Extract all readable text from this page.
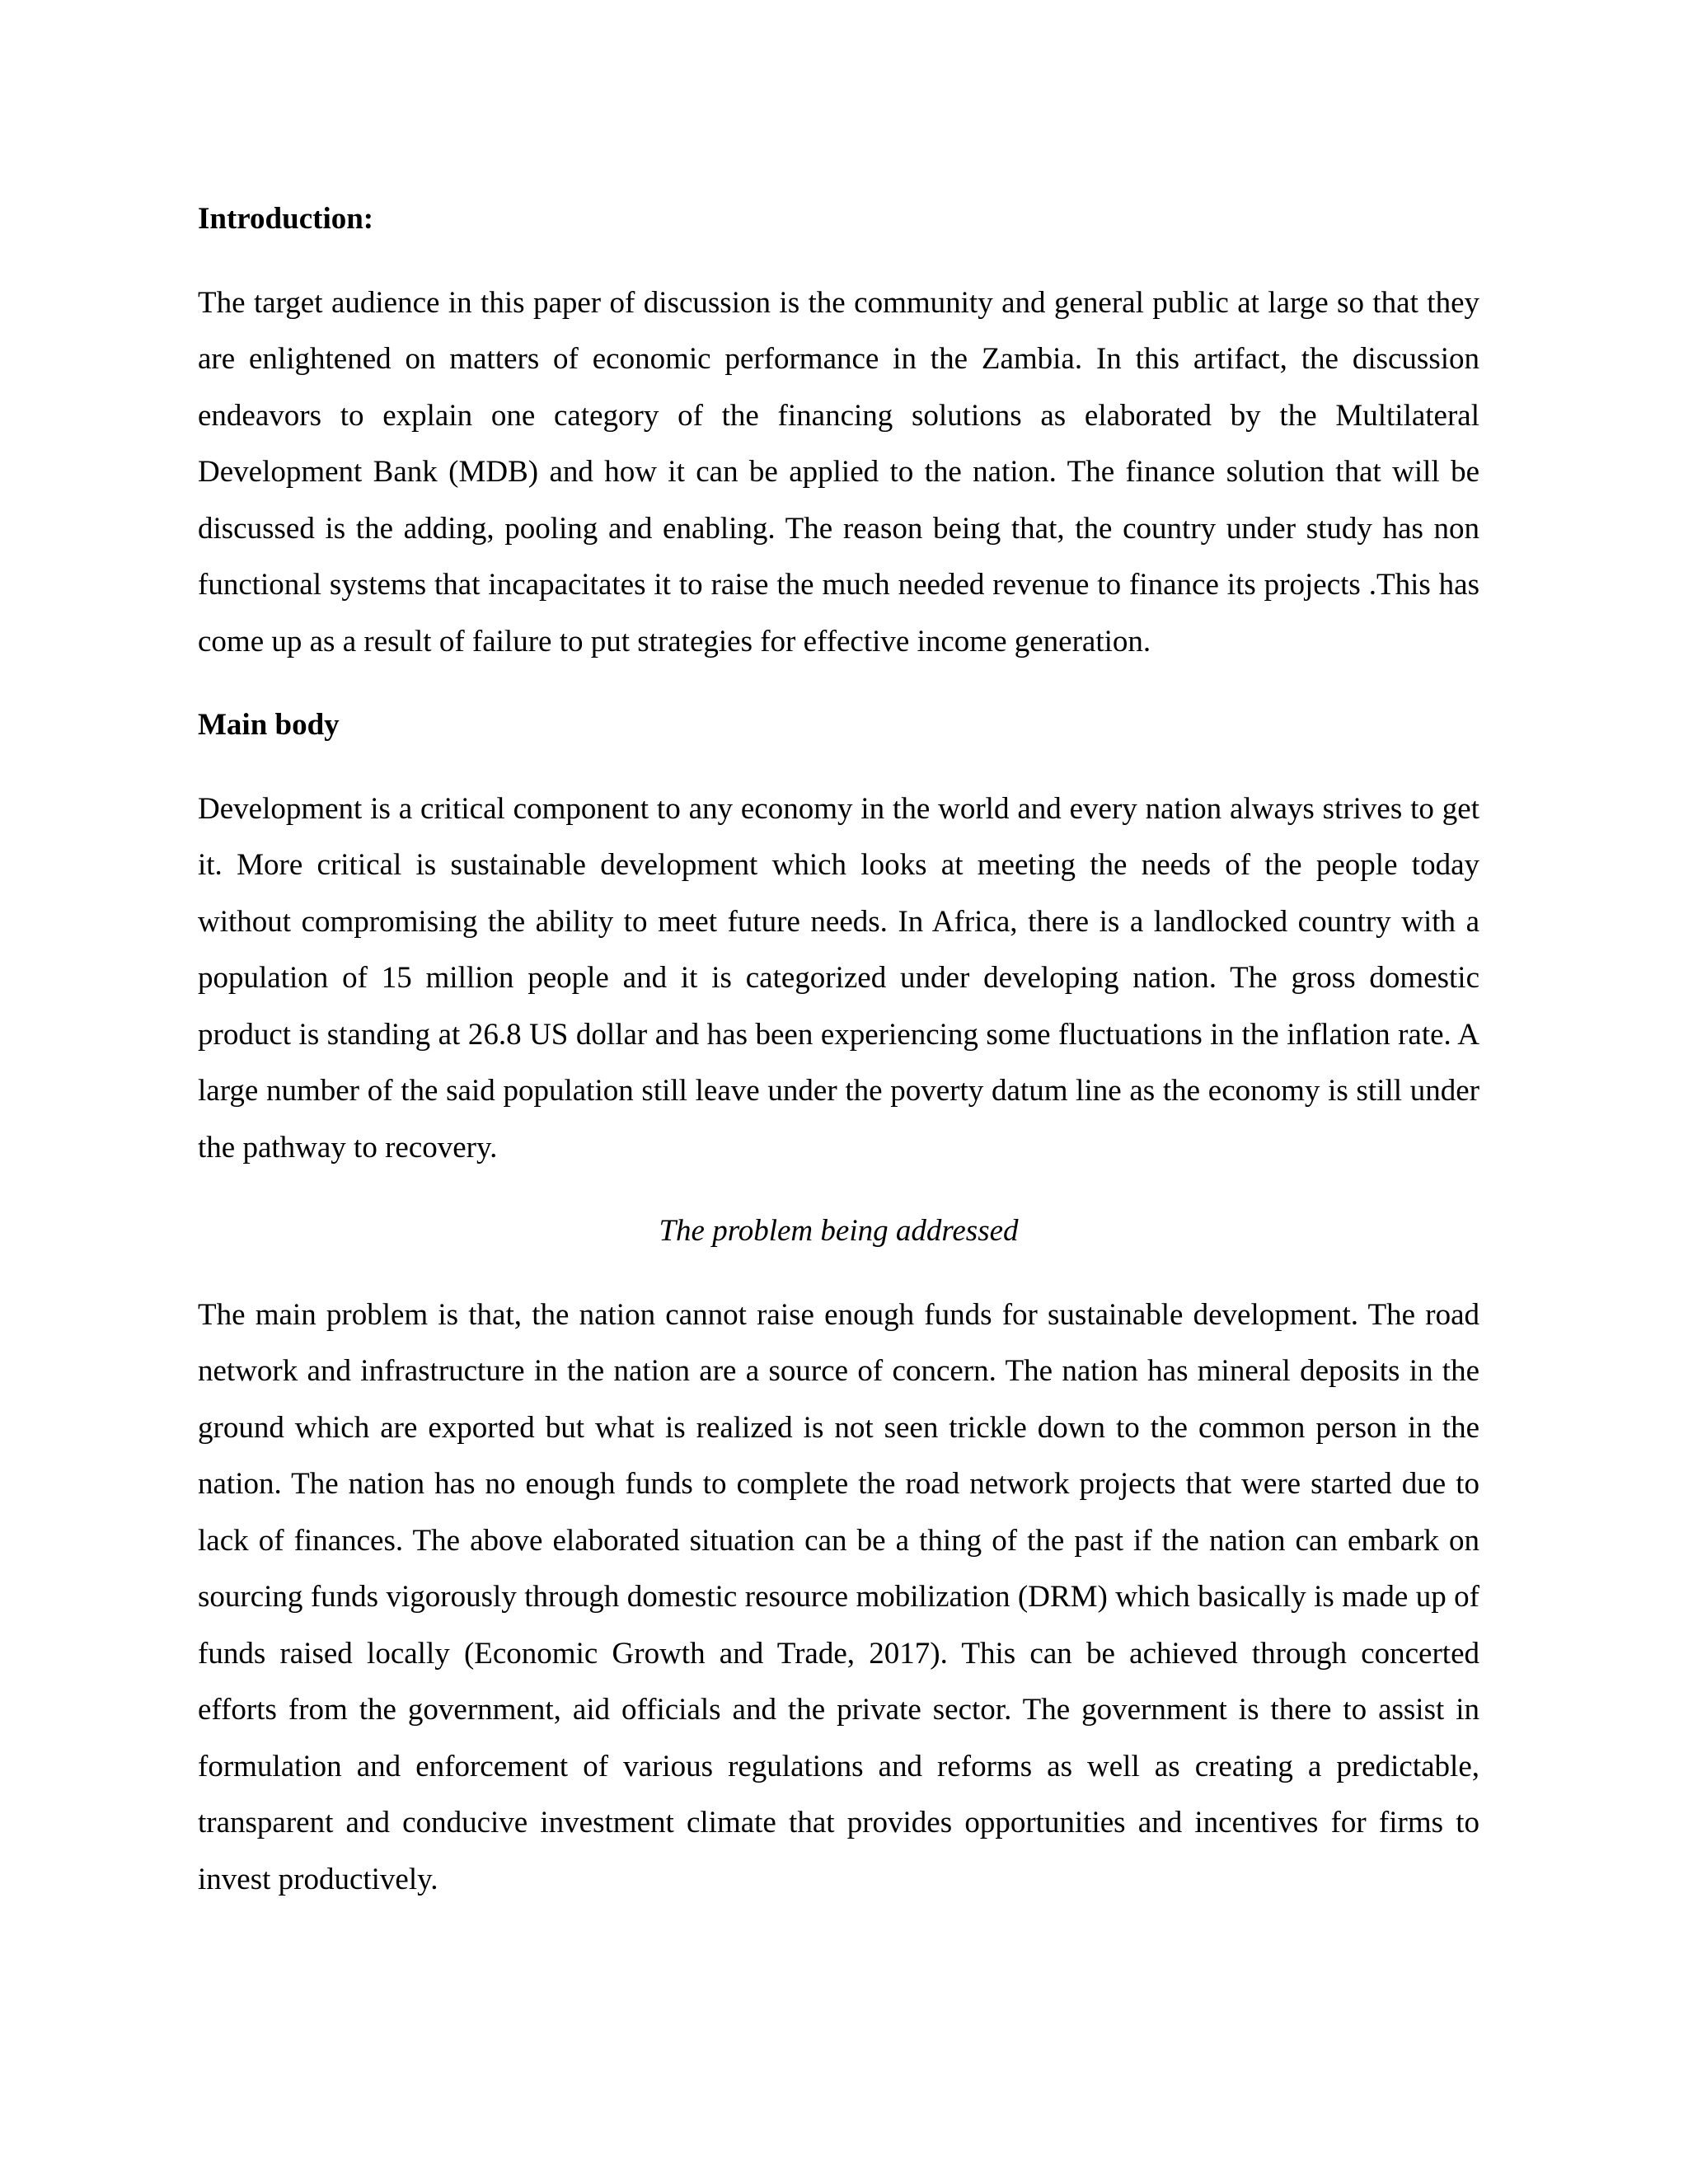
Introduction:

The target audience in this paper of discussion is the community and general public at large so that they are enlightened on matters of economic performance in the Zambia. In this artifact, the discussion endeavors to explain one category of the financing solutions as elaborated by the Multilateral Development Bank (MDB) and how it can be applied to the nation. The finance solution that will be discussed is the adding, pooling and enabling. The reason being that, the country under study has non functional systems that incapacitates it to raise the much needed revenue to finance its projects .This has come up as a result of failure to put strategies for effective income generation.

Main body

Development is a critical component to any economy in the world and every nation always strives to get it. More critical is sustainable development which looks at meeting the needs of the people today without compromising the ability to meet future needs. In Africa, there is a landlocked country with a population of 15 million people and it is categorized under developing nation. The gross domestic product is standing at 26.8 US dollar and has been experiencing some fluctuations in the inflation rate. A large number of the said population still leave under the poverty datum line as the economy is still under the pathway to recovery.

The problem being addressed

The main problem is that, the nation cannot raise enough funds for sustainable development. The road network and infrastructure in the nation are a source of concern. The nation has mineral deposits in the ground which are exported but what is realized is not seen trickle down to the common person in the nation. The nation has no enough funds to complete the road network projects that were started due to lack of finances. The above elaborated situation can be a thing of the past if the nation can embark on sourcing funds vigorously through domestic resource mobilization (DRM) which basically is made up of funds raised locally (Economic Growth and Trade, 2017). This can be achieved through concerted efforts from the government, aid officials and the private sector. The government is there to assist in formulation and enforcement of various regulations and reforms as well as creating a predictable, transparent and conducive investment climate that provides opportunities and incentives for firms to invest productively.
